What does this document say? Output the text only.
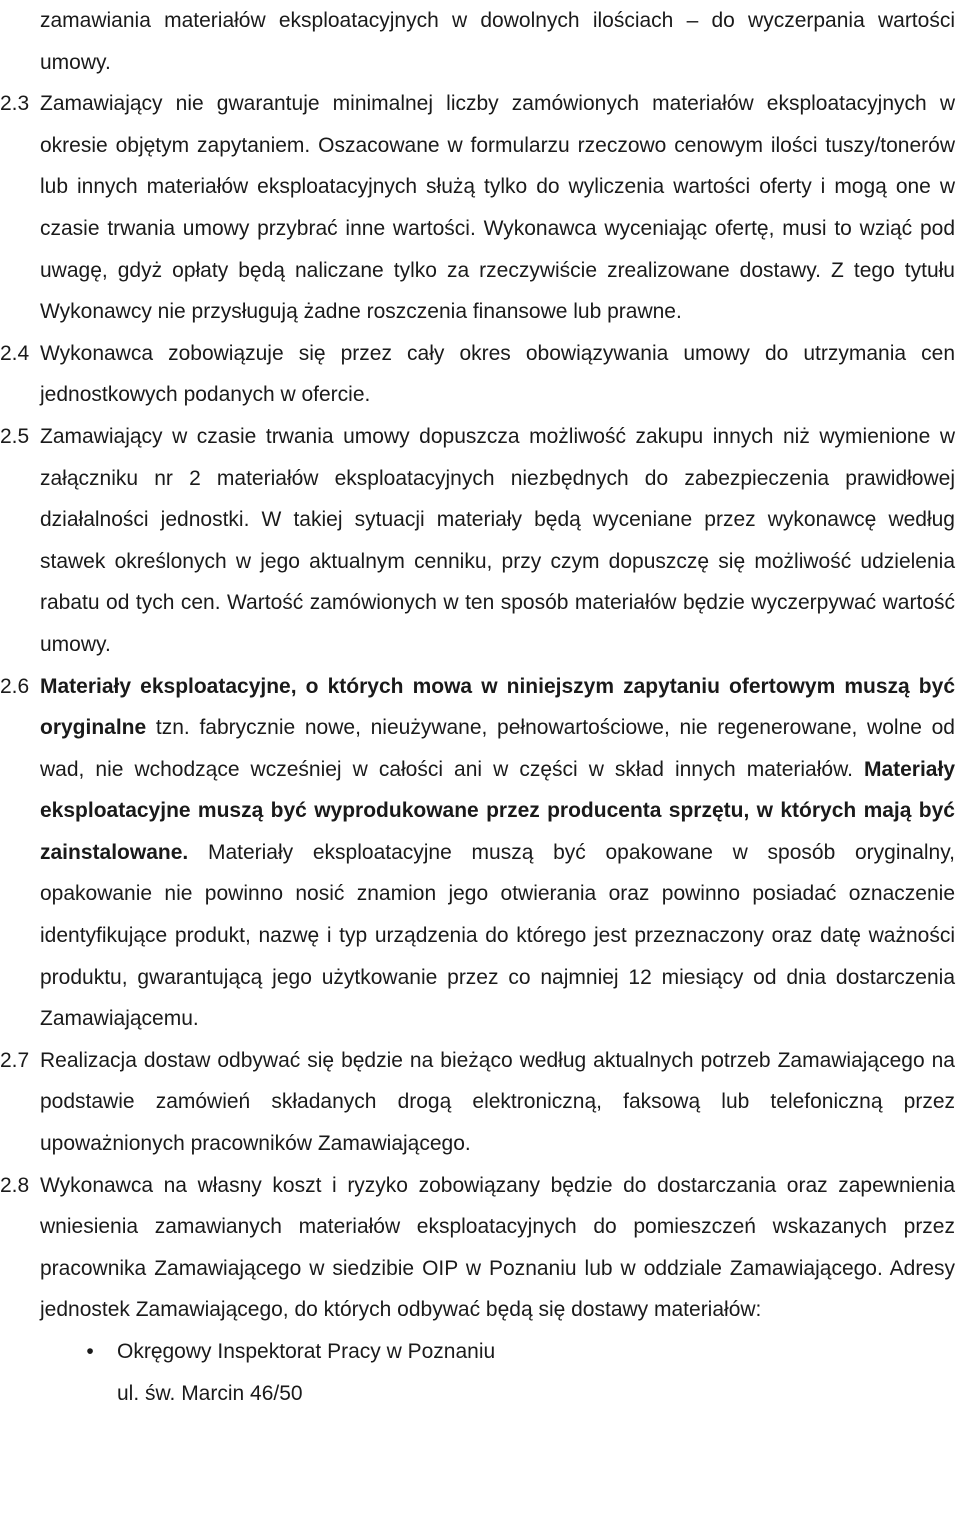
zamawiania materiałów eksploatacyjnych w dowolnych ilościach – do wyczerpania wartości umowy.

2.3 Zamawiający nie gwarantuje minimalnej liczby zamówionych materiałów eksploatacyjnych w okresie objętym zapytaniem. Oszacowane w formularzu rzeczowo cenowym ilości tuszy/tonerów lub innych materiałów eksploatacyjnych służą tylko do wyliczenia wartości oferty i mogą one w czasie trwania umowy przybrać inne wartości. Wykonawca wyceniając ofertę, musi to wziąć pod uwagę, gdyż opłaty będą naliczane tylko za rzeczywiście zrealizowane dostawy. Z tego tytułu Wykonawcy nie przysługują żadne roszczenia finansowe lub prawne.

2.4 Wykonawca zobowiązuje się przez cały okres obowiązywania umowy do utrzymania cen jednostkowych podanych w ofercie.

2.5 Zamawiający w czasie trwania umowy dopuszcza możliwość zakupu innych niż wymienione w załączniku nr 2 materiałów eksploatacyjnych niezbędnych do zabezpieczenia prawidłowej działalności jednostki. W takiej sytuacji materiały będą wyceniane przez wykonawcę według stawek określonych w jego aktualnym cenniku, przy czym dopuszczę się możliwość udzielenia rabatu od tych cen. Wartość zamówionych w ten sposób materiałów będzie wyczerpywać wartość umowy.

2.6 Materiały eksploatacyjne, o których mowa w niniejszym zapytaniu ofertowym muszą być oryginalne tzn. fabrycznie nowe, nieużywane, pełnowartościowe, nie regenerowane, wolne od wad, nie wchodzące wcześniej w całości ani w części w skład innych materiałów. Materiały eksploatacyjne muszą być wyprodukowane przez producenta sprzętu, w których mają być zainstalowane. Materiały eksploatacyjne muszą być opakowane w sposób oryginalny, opakowanie nie powinno nosić znamion jego otwierania oraz powinno posiadać oznaczenie identyfikujące produkt, nazwę i typ urządzenia do którego jest przeznaczony oraz datę ważności produktu, gwarantującą jego użytkowanie przez co najmniej 12 miesiący od dnia dostarczenia Zamawiającemu.

2.7 Realizacja dostaw odbywać się będzie na bieżąco według aktualnych potrzeb Zamawiającego na podstawie zamówień składanych drogą elektroniczną, faksową lub telefoniczną przez upoważnionych pracowników Zamawiającego.

2.8 Wykonawca na własny koszt i ryzyko zobowiązany będzie do dostarczania oraz zapewnienia wniesienia zamawianych materiałów eksploatacyjnych do pomieszczeń wskazanych przez pracownika Zamawiającego w siedzibie OIP w Poznaniu lub w oddziale Zamawiającego. Adresy jednostek Zamawiającego, do których odbywać będą się dostawy materiałów:

•	Okręgowy Inspektorat Pracy w Poznaniu
ul. św. Marcin 46/50
